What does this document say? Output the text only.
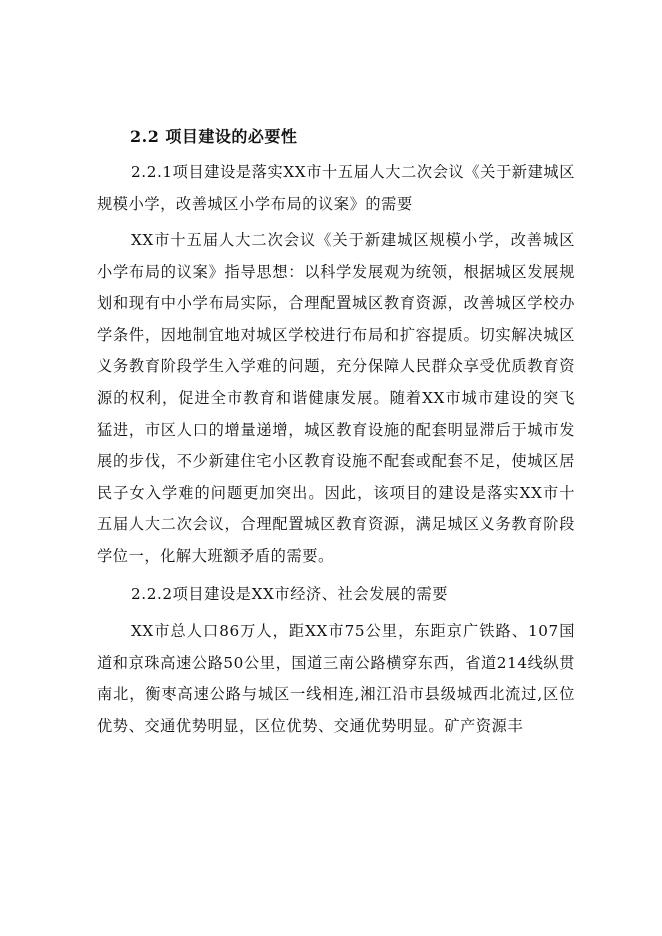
2.2 项目建设的必要性

2.2.1项目建设是落实XX市十五届人大二次会议《关于新建城区规模小学，改善城区小学布局的议案》的需要

XX市十五届人大二次会议《关于新建城区规模小学，改善城区小学布局的议案》指导思想：以科学发展观为统领，根据城区发展规划和现有中小学布局实际，合理配置城区教育资源，改善城区学校办学条件，因地制宜地对城区学校进行布局和扩容提质。切实解决城区义务教育阶段学生入学难的问题，充分保障人民群众享受优质教育资源的权利，促进全市教育和谐健康发展。随着XX市城市建设的突飞猛进，市区人口的增量递增，城区教育设施的配套明显滞后于城市发展的步伐，不少新建住宅小区教育设施不配套或配套不足，使城区居民子女入学难的问题更加突出。因此，该项目的建设是落实XX市十五届人大二次会议，合理配置城区教育资源，满足城区义务教育阶段学位一，化解大班额矛盾的需要。

2.2.2项目建设是XX市经济、社会发展的需要

XX市总人口86万人，距XX市75公里，东距京广铁路、107国道和京珠高速公路50公里，国道三南公路横穿东西，省道214线纵贯南北，衡枣高速公路与城区一线相连,湘江沿市县级城西北流过,区位优势、交通优势明显，区位优势、交通优势明显。矿产资源丰
